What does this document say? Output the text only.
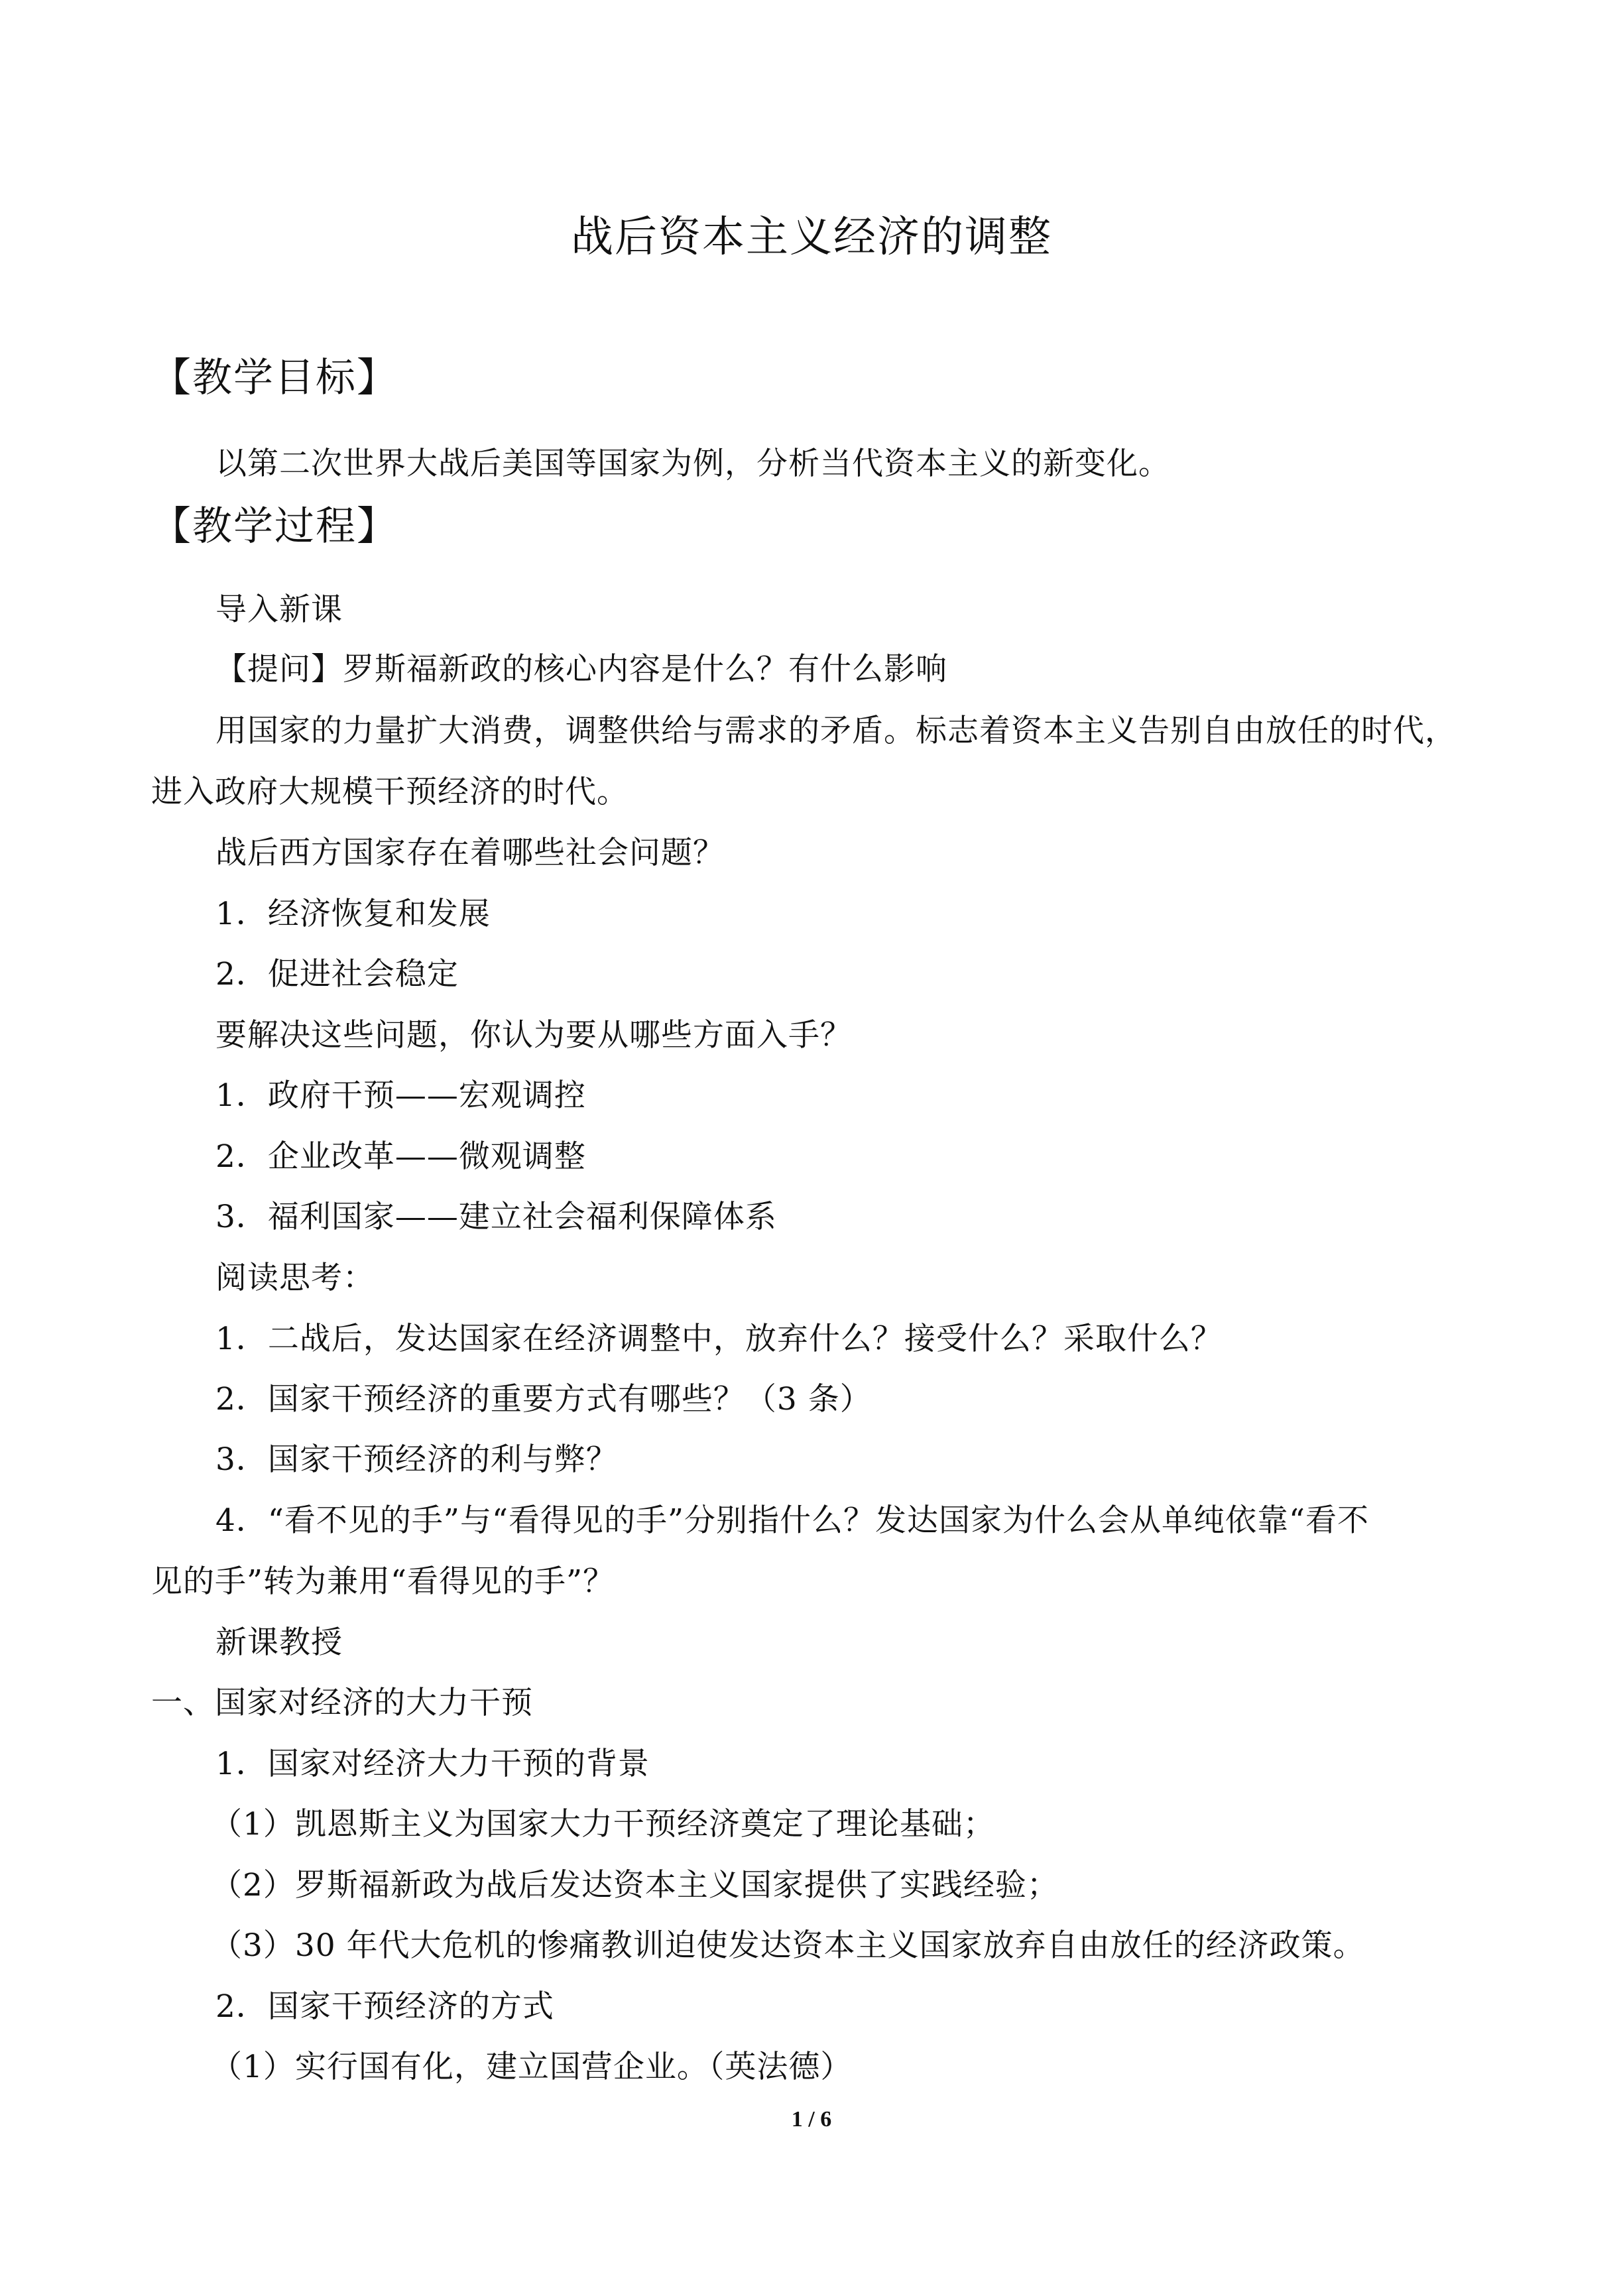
战后资本主义经济的调整
【教学目标】
以第二次世界大战后美国等国家为例，分析当代资本主义的新变化。
【教学过程】
导入新课
【提问】罗斯福新政的核心内容是什么？有什么影响
用国家的力量扩大消费，调整供给与需求的矛盾。标志着资本主义告别自由放任的时代，
进入政府大规模干预经济的时代。
战后西方国家存在着哪些社会问题？
1．经济恢复和发展
2．促进社会稳定
要解决这些问题，你认为要从哪些方面入手？
1．政府干预——宏观调控
2．企业改革——微观调整
3．福利国家——建立社会福利保障体系
阅读思考：
1．二战后，发达国家在经济调整中，放弃什么？接受什么？采取什么？
2．国家干预经济的重要方式有哪些？（3 条）
3．国家干预经济的利与弊？
4．“看不见的手”与“看得见的手”分别指什么？发达国家为什么会从单纯依靠“看不
见的手”转为兼用“看得见的手”？
新课教授
一、国家对经济的大力干预
1．国家对经济大力干预的背景
（1）凯恩斯主义为国家大力干预经济奠定了理论基础；
（2）罗斯福新政为战后发达资本主义国家提供了实践经验；
（3）30 年代大危机的惨痛教训迫使发达资本主义国家放弃自由放任的经济政策。
2．国家干预经济的方式
（1）实行国有化，建立国营企业。（英法德）
1 / 6
